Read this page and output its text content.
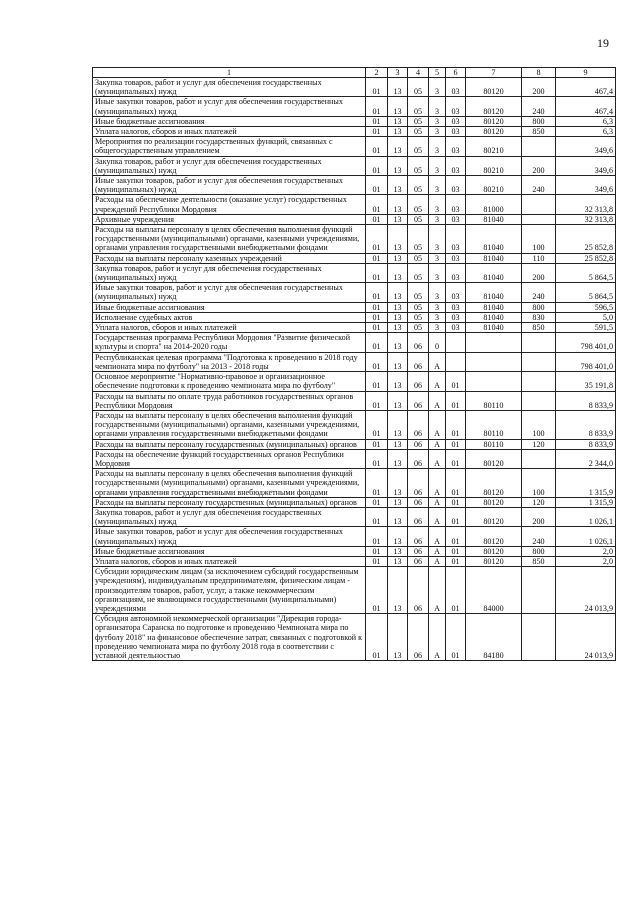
19
1	2	3	4	5	6	7	8	9
Закупка товаров, работ и услуг для обеспечения государственных (муниципальных) нужд	01	13	05	3	03	80120	200	467,4
Иные закупки товаров, работ и услуг для обеспечения государственных (муниципальных) нужд	01	13	05	3	03	80120	240	467,4
Иные бюджетные ассигнования	01	13	05	3	03	80120	800	6,3
Уплата налогов, сборов и иных платежей	01	13	05	3	03	80120	850	6,3
Мероприятия по реализации государственных функций, связанных с общегосударственным управлением	01	13	05	3	03	80210		349,6
Закупка товаров, работ и услуг для обеспечения государственных (муниципальных) нужд	01	13	05	3	03	80210	200	349,6
Иные закупки товаров, работ и услуг для обеспечения государственных (муниципальных) нужд	01	13	05	3	03	80210	240	349,6
Расходы на обеспечение деятельности (оказание услуг) государственных учреждений Республики Мордовия	01	13	05	3	03	81000		32 313,8
Архивные учреждения	01	13	05	3	03	81040		32 313,8
Расходы на выплаты персоналу в целях обеспечения выполнения функций государственными (муниципальными) органами, казенными учреждениями, органами управления государственными внебюджетными фондами	01	13	05	3	03	81040	100	25 852,8
Расходы на выплаты персоналу казенных учреждений	01	13	05	3	03	81040	110	25 852,8
Закупка товаров, работ и услуг для обеспечения государственных (муниципальных) нужд	01	13	05	3	03	81040	200	5 864,5
Иные закупки товаров, работ и услуг для обеспечения государственных (муниципальных) нужд	01	13	05	3	03	81040	240	5 864,5
Иные бюджетные ассигнования	01	13	05	3	03	81040	800	596,5
Исполнение судебных актов	01	13	05	3	03	81040	830	5,0
Уплата налогов, сборов и иных платежей	01	13	05	3	03	81040	850	591,5
Государственная программа Республики Мордовия "Развитие физической культуры и спорта" на 2014-2020 годы	01	13	06	0				798 401,0
Республиканская целевая программа "Подготовка к проведению в 2018 году чемпионата мира по футболу" на 2013 - 2018 годы	01	13	06	А				798 401,0
Основное мероприятие "Нормативно-правовое и организационное обеспечение подготовки к проведению чемпионата мира по футболу"	01	13	06	А	01			35 191,8
Расходы на выплаты по оплате труда работников государственных органов Республики Мордовия	01	13	06	А	01	80110		8 833,9
Расходы на выплаты персоналу в целях обеспечения выполнения функций государственными (муниципальными) органами, казенными учреждениями, органами управления государственными внебюджетными фондами	01	13	06	А	01	80110	100	8 833,9
Расходы на выплаты персоналу государственных (муниципальных) органов	01	13	06	А	01	80110	120	8 833,9
Расходы на обеспечение функций государственных органов Республики Мордовия	01	13	06	А	01	80120		2 344,0
Расходы на выплаты персоналу в целях обеспечения выполнения функций государственными (муниципальными) органами, казенными учреждениями, органами управления государственными внебюджетными фондами	01	13	06	А	01	80120	100	1 315,9
Расходы на выплаты персоналу государственных (муниципальных) органов	01	13	06	А	01	80120	120	1 315,9
Закупка товаров, работ и услуг для обеспечения государственных (муниципальных) нужд	01	13	06	А	01	80120	200	1 026,1
Иные закупки товаров, работ и услуг для обеспечения государственных (муниципальных) нужд	01	13	06	А	01	80120	240	1 026,1
Иные бюджетные ассигнования	01	13	06	А	01	80120	800	2,0
Уплата налогов, сборов и иных платежей	01	13	06	А	01	80120	850	2,0
Субсидии юридическим лицам (за исключением субсидий государственным учреждениям), индивидуальным предпринимателям, физическим лицам - производителям товаров, работ, услуг, а также некоммерческим организациям, не являющимся государственными (муниципальными) учреждениями	01	13	06	А	01	84000		24 013,9
Субсидия автономной некоммерческой организации "Дирекция города-организатора Саранска по подготовке и проведению Чемпионата мира по футболу 2018" на финансовое обеспечение затрат, связанных с подготовкой к проведению чемпионата мира по футболу 2018 года в соответствии с уставной деятельностью	01	13	06	А	01	84180		24 013,9
